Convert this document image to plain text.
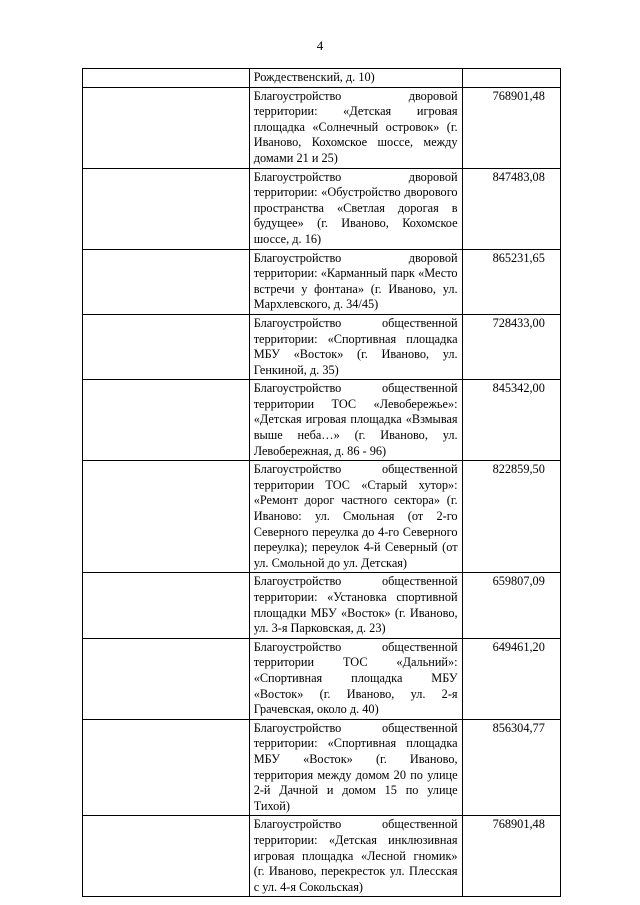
4

	Рождественский, д. 10)	

	Благоустройство дворовой территории: «Детская игровая площадка «Солнечный островок» (г. Иваново, Кохомское шоссе, между домами 21 и 25)	768901,48

	Благоустройство дворовой территории: «Обустройство дворового пространства «Светлая дорогая в будущее» (г. Иваново, Кохомское шоссе, д. 16)	847483,08

	Благоустройство дворовой территории: «Карманный парк «Место встречи у фонтана» (г. Иваново, ул. Мархлевского, д. 34/45)	865231,65

	Благоустройство общественной территории: «Спортивная площадка МБУ «Восток» (г. Иваново, ул. Генкиной, д. 35)	728433,00

	Благоустройство общественной территории ТОС «Левобережье»: «Детская игровая площадка «Взмывая выше неба…» (г. Иваново, ул. Левобережная, д. 86 - 96)	845342,00

	Благоустройство общественной территории ТОС «Старый хутор»: «Ремонт дорог частного сектора» (г. Иваново: ул. Смольная (от 2-го Северного переулка до 4-го Северного переулка); переулок 4-й Северный (от ул. Смольной до ул. Детская)	822859,50

	Благоустройство общественной территории: «Установка спортивной площадки МБУ «Восток» (г. Иваново, ул. 3-я Парковская, д. 23)	659807,09

	Благоустройство общественной территории ТОС «Дальний»: «Спортивная площадка МБУ «Восток» (г. Иваново, ул. 2-я Грачевская, около д. 40)	649461,20

	Благоустройство общественной территории: «Спортивная площадка МБУ «Восток» (г. Иваново, территория между домом 20 по улице 2-й Дачной и домом 15 по улице Тихой)	856304,77

	Благоустройство общественной территории: «Детская инклюзивная игровая площадка «Лесной гномик» (г. Иваново, перекресток ул. Плесская с ул. 4-я Сокольская)	768901,48
